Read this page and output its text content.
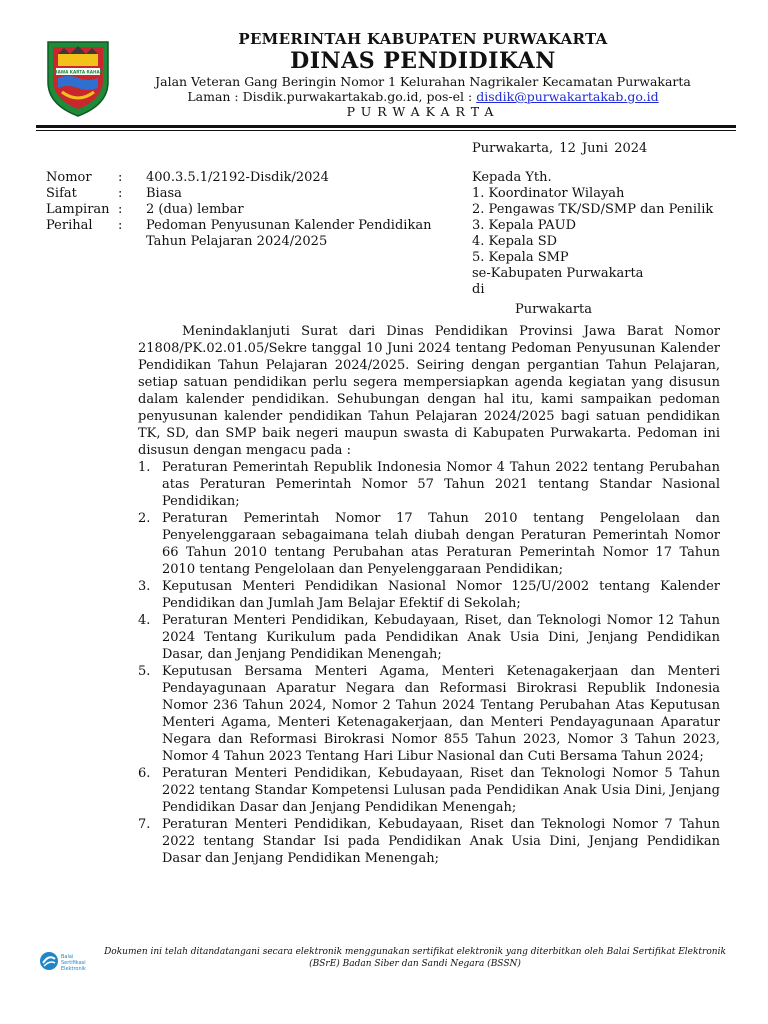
WIBAWA KARTA RAHARJA
PEMERINTAH KABUPATEN PURWAKARTA
DINAS PENDIDIKAN
Jalan Veteran Gang Beringin Nomor 1 Kelurahan Nagrikaler Kecamatan Purwakarta
Laman : Disdik.purwakartakab.go.id, pos-el : disdik@purwakartakab.go.id
PURWAKARTA
Purwakarta, 12 Juni 2024
Nomor	:	400.3.5.1/2192-Disdik/2024
Sifat	:	Biasa
Lampiran :	2 (dua) lembar
Perihal	:	Pedoman Penyusunan Kalender Pendidikan Tahun Pelajaran 2024/2025
Kepada Yth.
1. Koordinator Wilayah
2. Pengawas TK/SD/SMP dan Penilik
3. Kepala PAUD
4. Kepala SD
5. Kepala SMP
se-Kabupaten Purwakarta
di
Purwakarta

Menindaklanjuti Surat dari Dinas Pendidikan Provinsi Jawa Barat Nomor 21808/PK.02.01.05/Sekre tanggal 10 Juni 2024 tentang Pedoman Penyusunan Kalender Pendidikan Tahun Pelajaran 2024/2025. Seiring dengan pergantian Tahun Pelajaran, setiap satuan pendidikan perlu segera mempersiapkan agenda kegiatan yang disusun dalam kalender pendidikan. Sehubungan dengan hal itu, kami sampaikan pedoman penyusunan kalender pendidikan Tahun Pelajaran 2024/2025 bagi satuan pendidikan TK, SD, dan SMP baik negeri maupun swasta di Kabupaten Purwakarta. Pedoman ini disusun dengan mengacu pada :

1. Peraturan Pemerintah Republik Indonesia Nomor 4 Tahun 2022 tentang Perubahan atas Peraturan Pemerintah Nomor 57 Tahun 2021 tentang Standar Nasional Pendidikan;
2. Peraturan Pemerintah Nomor 17 Tahun 2010 tentang Pengelolaan dan Penyelenggaraan sebagaimana telah diubah dengan Peraturan Pemerintah Nomor 66 Tahun 2010 tentang Perubahan atas Peraturan Pemerintah Nomor 17 Tahun 2010 tentang Pengelolaan dan Penyelenggaraan Pendidikan;
3. Keputusan Menteri Pendidikan Nasional Nomor 125/U/2002 tentang Kalender Pendidikan dan Jumlah Jam Belajar Efektif di Sekolah;
4. Peraturan Menteri Pendidikan, Kebudayaan, Riset, dan Teknologi Nomor 12 Tahun 2024 Tentang Kurikulum pada Pendidikan Anak Usia Dini, Jenjang Pendidikan Dasar, dan Jenjang Pendidikan Menengah;
5. Keputusan Bersama Menteri Agama, Menteri Ketenagakerjaan dan Menteri Pendayagunaan Aparatur Negara dan Reformasi Birokrasi Republik Indonesia Nomor 236 Tahun 2024, Nomor 2 Tahun 2024 Tentang Perubahan Atas Keputusan Menteri Agama, Menteri Ketenagakerjaan, dan Menteri Pendayagunaan Aparatur Negara dan Reformasi Birokrasi Nomor 855 Tahun 2023, Nomor 3 Tahun 2023, Nomor 4 Tahun 2023 Tentang Hari Libur Nasional dan Cuti Bersama Tahun 2024;
6. Peraturan Menteri Pendidikan, Kebudayaan, Riset dan Teknologi Nomor 5 Tahun 2022 tentang Standar Kompetensi Lulusan pada Pendidikan Anak Usia Dini, Jenjang Pendidikan Dasar dan Jenjang Pendidikan Menengah;
7. Peraturan Menteri Pendidikan, Kebudayaan, Riset dan Teknologi Nomor 7 Tahun 2022 tentang Standar Isi pada Pendidikan Anak Usia Dini, Jenjang Pendidikan Dasar dan Jenjang Pendidikan Menengah;
Balai
Sertifikasi
Elektronik
Dokumen ini telah ditandatangani secara elektronik menggunakan sertifikat elektronik yang diterbitkan oleh Balai Sertifikat Elektronik (BSrE) Badan Siber dan Sandi Negara (BSSN)
